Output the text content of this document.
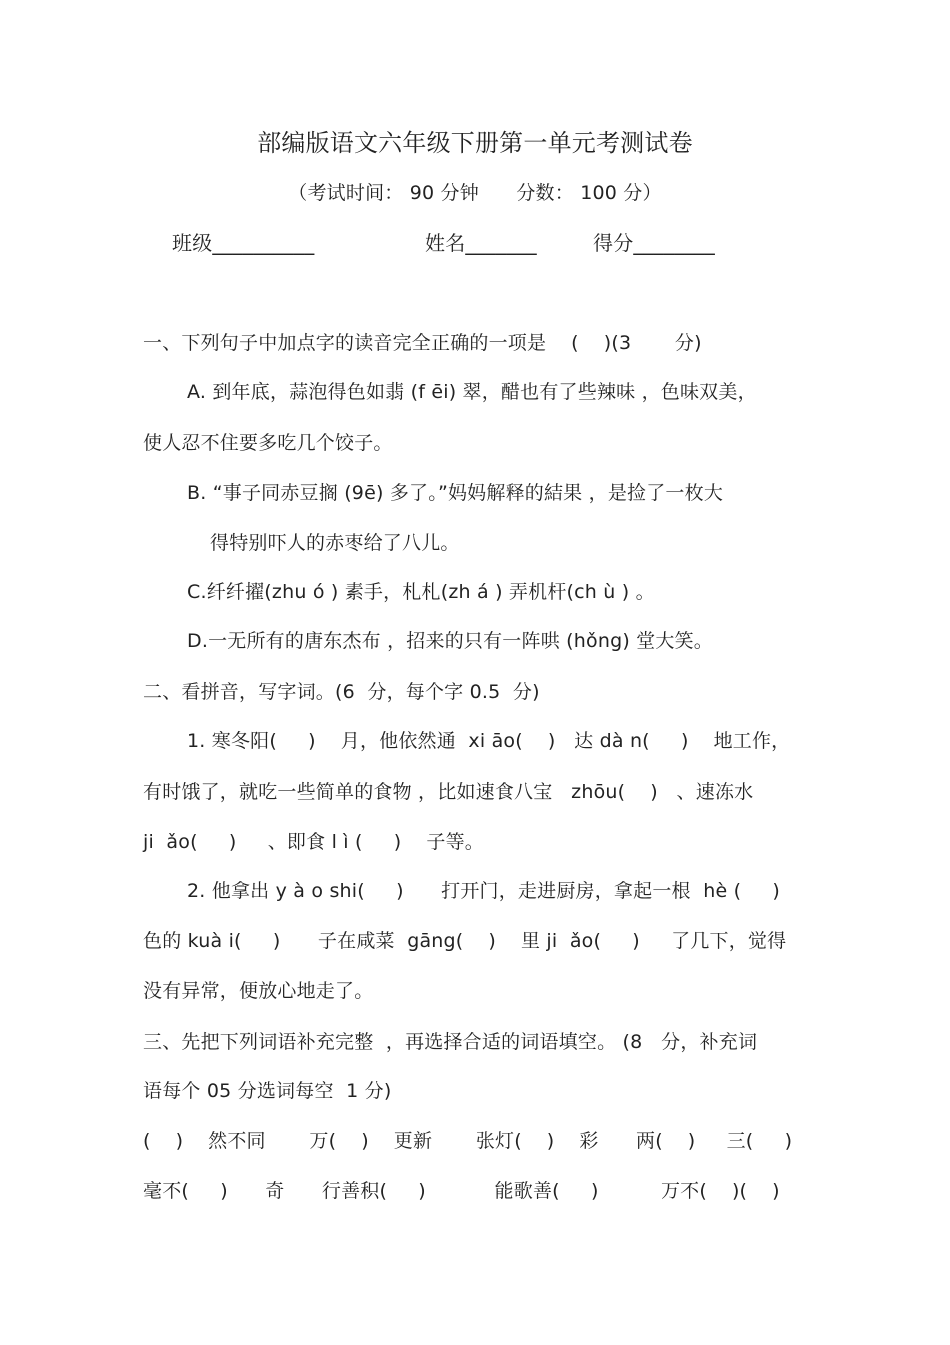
部编版语文六年级下册第一单元考测试卷
（考试时间： 90 分钟      分数： 100 分）
班级__________	姓名_______	得分________
一、下列句子中加点字的读音完全正确的一项是    (    )(3       分)
A. 到年底，蒜泡得色如翡 (f ēi) 翠，醋也有了些辣味 ，色味双美，
使人忍不住要多吃几个饺子。
B. “事子同赤豆搁 (9ē) 多了。”妈妈解释的結果 ，是捡了一枚大
得特别吓人的赤枣给了八儿。
C.纤纤擢(zhu ó ) 素手，札札(zh á ) 弄机杆(ch ù ) 。
D.一无所有的唐东杰布 ，招来的只有一阵哄 (hǒng) 堂大笑。
二、看拼音，写字词。(6  分，每个字 0.5  分)
1. 寒冬阳(     )    月，他依然通  xi āo(    )   达 dà n(     )    地工作，
有时饿了，就吃一些简单的食物 ，比如速食八宝   zhōu(    )   、速冻水
ji  ǎo(     )     、即食 l ì (     )    子等。
2. 他拿出 y à o shi(     )      打开门，走进厨房，拿起一根  hè (     )
色的 kuà i(     )      子在咸菜  gāng(    )    里 ji  ǎo(     )     了几下，觉得
没有异常，便放心地走了。
三、先把下列词语补充完整  ，再选择合适的词语填空。 (8   分，补充词
语每个 05 分选词每空  1 分)
(    )    然不同       万(    )    更新       张灯(    )    彩      两(    )     三(     )
毫不(     )      奇      行善积(     )           能歌善(     )          万不(    )(    )
